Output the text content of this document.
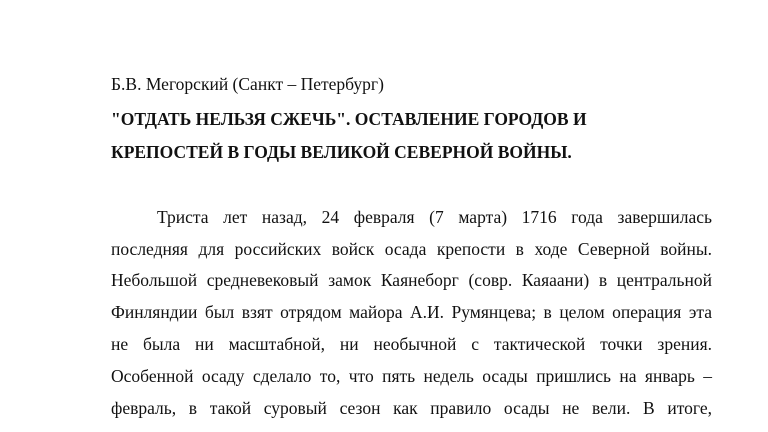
Б.В. Мегорский (Санкт – Петербург)
"ОТДАТЬ НЕЛЬЗЯ СЖЕЧЬ". ОСТАВЛЕНИЕ ГОРОДОВ И
КРЕПОСТЕЙ В ГОДЫ ВЕЛИКОЙ СЕВЕРНОЙ ВОЙНЫ.
Триста лет назад, 24 февраля (7 марта) 1716 года завершилась
последняя для российских войск осада крепости в ходе Северной войны.
Небольшой средневековый замок Каянеборг (совр. Каяаани) в центральной
Финляндии был взят отрядом майора А.И. Румянцева; в целом операция эта
не была ни масштабной, ни необычной с тактической точки зрения.
Особенной осаду сделало то, что пять недель осады пришлись на январь –
февраль, в такой суровый сезон как правило осады не вели. В итоге,
